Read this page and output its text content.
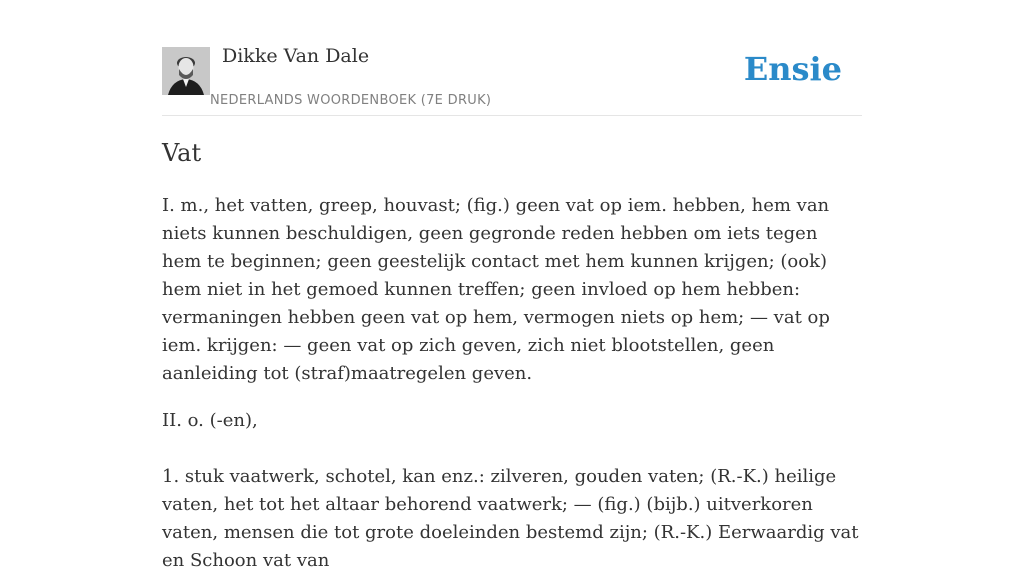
Dikke Van Dale
NEDERLANDS WOORDENBOEK (7E DRUK)
Ensie
Vat

I. m., het vatten, greep, houvast; (fig.) geen vat op iem. hebben, hem van niets kunnen beschuldigen, geen gegronde reden hebben om iets tegen hem te beginnen; geen geestelijk contact met hem kunnen krijgen; (ook) hem niet in het gemoed kunnen treffen; geen invloed op hem hebben: vermaningen hebben geen vat op hem, vermogen niets op hem; — vat op iem. krijgen: — geen vat op zich geven, zich niet blootstellen, geen aanleiding tot (straf)maatregelen geven.

II. o. (-en),

1. stuk vaatwerk, schotel, kan enz.: zilveren, gouden vaten; (R.-K.) heilige vaten, het tot het altaar behorend vaatwerk; — (fig.) (bijb.) uitverkoren vaten, mensen die tot grote doeleinden bestemd zijn; (R.-K.) Eerwaardig vat en Schoon vat van
